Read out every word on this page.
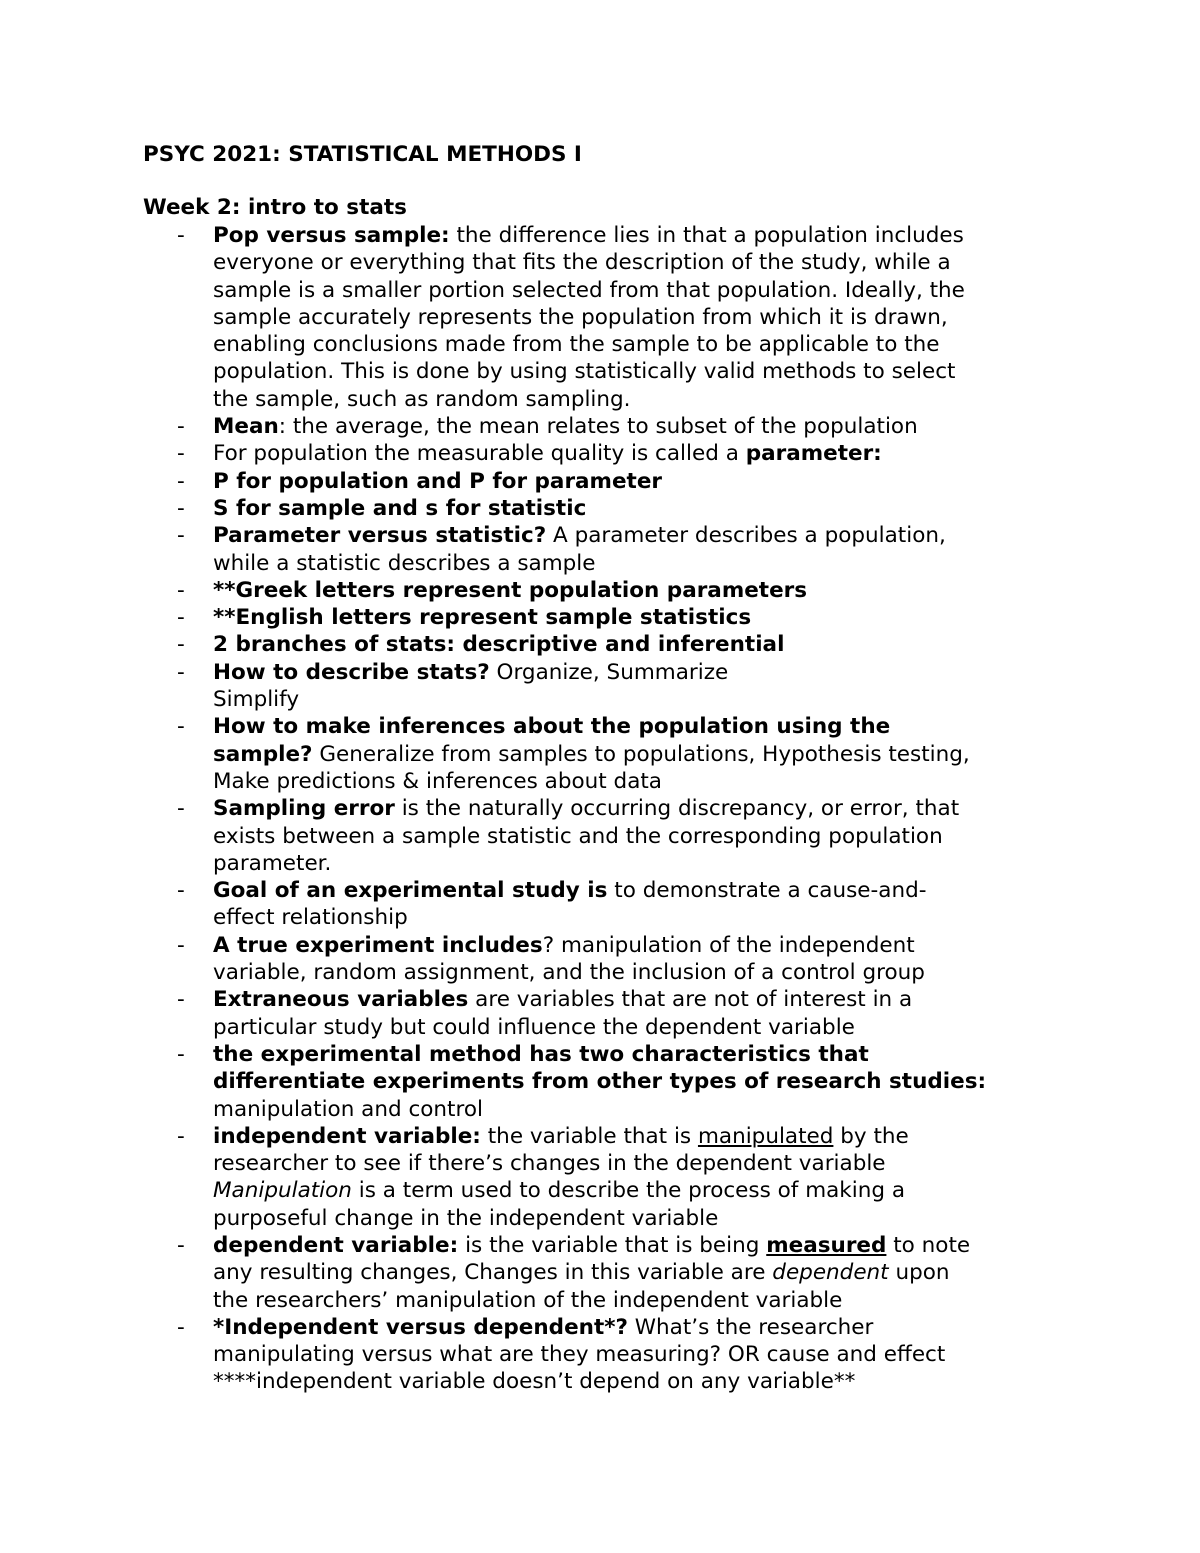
PSYC 2021: STATISTICAL METHODS I
Week 2: intro to stats
- Pop versus sample: the difference lies in that a population includes
everyone or everything that fits the description of the study, while a
sample is a smaller portion selected from that population. Ideally, the
sample accurately represents the population from which it is drawn,
enabling conclusions made from the sample to be applicable to the
population. This is done by using statistically valid methods to select
the sample, such as random sampling.
- Mean: the average, the mean relates to subset of the population
- For population the measurable quality is called a parameter:
- P for population and P for parameter
- S for sample and s for statistic
- Parameter versus statistic? A parameter describes a population,
while a statistic describes a sample
- **Greek letters represent population parameters
- **English letters represent sample statistics
- 2 branches of stats: descriptive and inferential
- How to describe stats? Organize, Summarize
Simplify
- How to make inferences about the population using the
sample? Generalize from samples to populations, Hypothesis testing,
Make predictions & inferences about data
- Sampling error is the naturally occurring discrepancy, or error, that
exists between a sample statistic and the corresponding population
parameter.
- Goal of an experimental study is to demonstrate a cause-and-
effect relationship
- A true experiment includes? manipulation of the independent
variable, random assignment, and the inclusion of a control group
- Extraneous variables are variables that are not of interest in a
particular study but could influence the dependent variable
- the experimental method has two characteristics that
differentiate experiments from other types of research studies:
manipulation and control
- independent variable: the variable that is manipulated by the
researcher to see if there’s changes in the dependent variable
Manipulation is a term used to describe the process of making a
purposeful change in the independent variable
- dependent variable: is the variable that is being measured to note
any resulting changes, Changes in this variable are dependent upon
the researchers’ manipulation of the independent variable
- *Independent versus dependent*? What’s the researcher
manipulating versus what are they measuring? OR cause and effect
****independent variable doesn’t depend on any variable**
